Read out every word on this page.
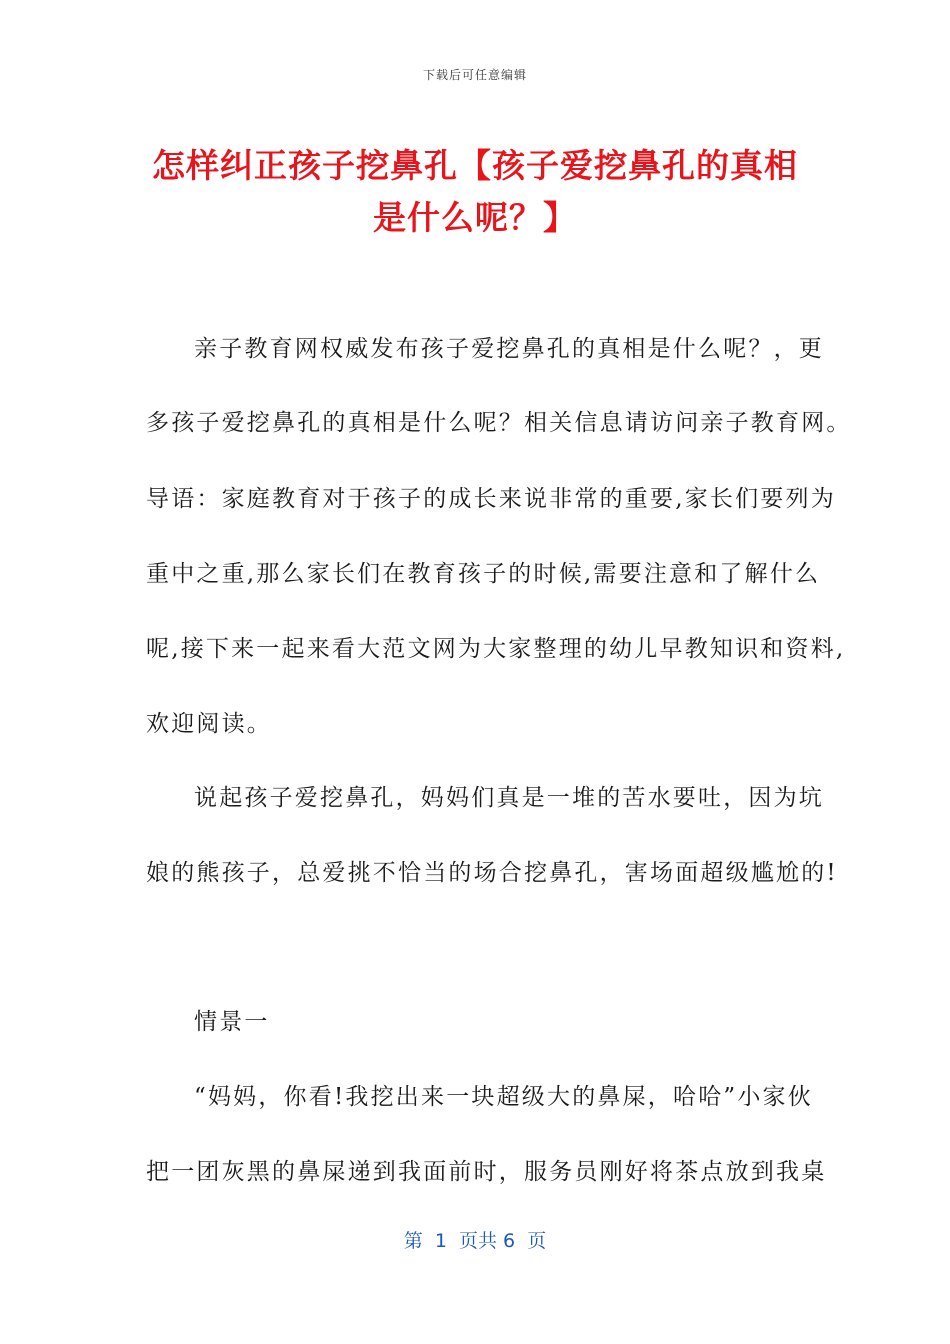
下载后可任意编辑
怎样纠正孩子挖鼻孔【孩子爱挖鼻孔的真相
是什么呢？】
亲子教育网权威发布孩子爱挖鼻孔的真相是什么呢？，更
多孩子爱挖鼻孔的真相是什么呢？相关信息请访问亲子教育网。
导语：家庭教育对于孩子的成长来说非常的重要,家长们要列为
重中之重,那么家长们在教育孩子的时候,需要注意和了解什么
呢,接下来一起来看大范文网为大家整理的幼儿早教知识和资料,
欢迎阅读。
说起孩子爱挖鼻孔，妈妈们真是一堆的苦水要吐，因为坑
娘的熊孩子，总爱挑不恰当的场合挖鼻孔，害场面超级尴尬的!
情景一
“妈妈，你看!我挖出来一块超级大的鼻屎，哈哈”小家伙
把一团灰黑的鼻屎递到我面前时，服务员刚好将茶点放到我桌
第  1  页共 6  页
